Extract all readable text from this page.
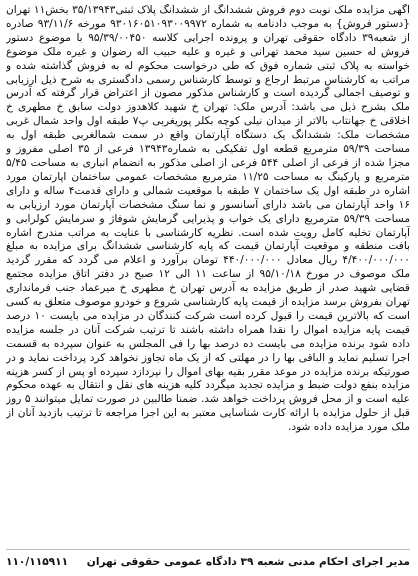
آگهی مزایده ملک نوبت دوم فروش ششدانگ از ششدانگ پلاک ثبتی۳۵/۱۳۹۴۳ بخش۱۱ تهران {دستور فروش} به موجب دادنامه به شماره ۹۳۰۱۶۰۵۱۰۹۳۰۰۹۹۷۲ مورخه ۹۳/۱۱/۶ صادره از شعبه۳۹ دادگاه حقوقی تهران و پرونده اجرایی کلاسه ۹۵/۳۹/۰۰۴۵۰ با موضوع دستور فروش له حسین سید محمد تهرانی و غیره و علیه حبیب اله رضوان و غیره ملک موضوع خواسته به پلاک ثبتی شماره فوق که طی درخواست محکوم له به فروش گذاشته شده و مراتب به کارشناس مرتبط ارجاع و توسط کارشناس رسمی دادگستری به شرح ذیل ارزیابی و توصیف اجمالی گردیده است و کارشناس مذکور مصون از اعتراض قرار گرفته که آدرس ملک بشرح ذیل می باشد: آدرس ملک: تهران خ شهید کلاهدوز دولت سابق خ مطهری خ اخلاقی خ جهانتاب بالاتر از میدان نیلی کوچه بکلر پوریغربی پ۷ طبقه اول واحد شمال غربی مشخصات ملک: ششدانگ یک دستگاه آپارتمان واقع در سمت شمالغربی طبقه اول به مساحت ۵۹/۳۹ مترمربع قطعه اول تفکیکی به شماره۱۳۹۴۳ فرعی از ۳۵ اصلی مفروز و مجزا شده از فرعی از اصلی ۵۴۴ فرعی از اصلی مذکور به انضمام انباری به مساحت ۵/۴۵ مترمربع و پارکینگ به مساحت ۱۱/۲۵ مترمربع مشخصات عمومی ساختمان اپارتمان مورد اشاره در طبقه اول یک ساختمان ۷ طبقه با موقعیت شمالی و دارای قدمت۴ ساله و دارای ۱۶ واحد آپارتمان می باشد دارای آسانسور و نما سنگ مشخصات آپارتمان مورد ارزیابی به مساحت ۵۹/۳۹ مترمربع دارای یک خواب و پذیرایی گرمایش شوفاژ و سرمایش کولرابی و آپارتمان تخلیه کامل رویت شده است. نظریه کارشناسی با عنایت به مراتب مندرج اشاره بافت منطقه و موقعیت آپارتمان قیمت که پایه کارشناسی ششدانگ برای مزایده به مبلغ ۴/۴۰۰/۰۰۰/۰۰۰ ریال معادل ۴۴۰/۰۰۰/۰۰۰ تومان برآورد و اعلام می گردد که مقرر گردید ملک موصوف در مورخ ۹۵/۱۰/۱۸ از ساعت ۱۱ الی ۱۲ صبح در دفتر اتاق مزایده مجتمع قضایی شهید صدر از طریق مزایده به آدرس تهران خ مطهری خ میرعماد جنب فرمانداری تهران بفروش برسد مزایده از قیمت پایه کارشناسی شروع و خودرو موصوف متعلق به کسی است که بالاترین قیمت را قبول کرده است شرکت کنندگان در مزایده می بایست ۱۰ درصد قیمت پایه مزایده اموال را نقدا همراه داشته باشند تا ترتیب شرکت آنان در جلسه مزایده داده شود برنده مزایده می بایست ده درصد بها را فی المجلس به عنوان سپرده به قسمت اجرا تسلیم نماید و الباقی بها را در مهلتی که از یک ماه تجاوز نخواهد کرد پرداخت نماید و در صورتیکه برنده مزایده در موعد مقرر بقیه بهای اموال را نپردازد سپرده او پس از کسر هزینه مزایده بنفع دولت ضبط و مزایده تجدید میگردد کلیه هزینه های نقل و انتقال به عهده محکوم علیه است و از محل فروش پرداخت خواهد شد. ضمنا طالبین در صورت تمایل میتوانند ۵ روز قبل از حلول مزایده با ارائه کارت شناسایی معتبر به این اجرا مراجعه تا ترتیب بازدید آنان از ملک مورد مزایده داده شود.

مدیر اجرای احکام مدنی شعبه ۳۹ دادگاه عمومی حقوقی تهران
۱۱۰/۱۱۵۹۱۱
